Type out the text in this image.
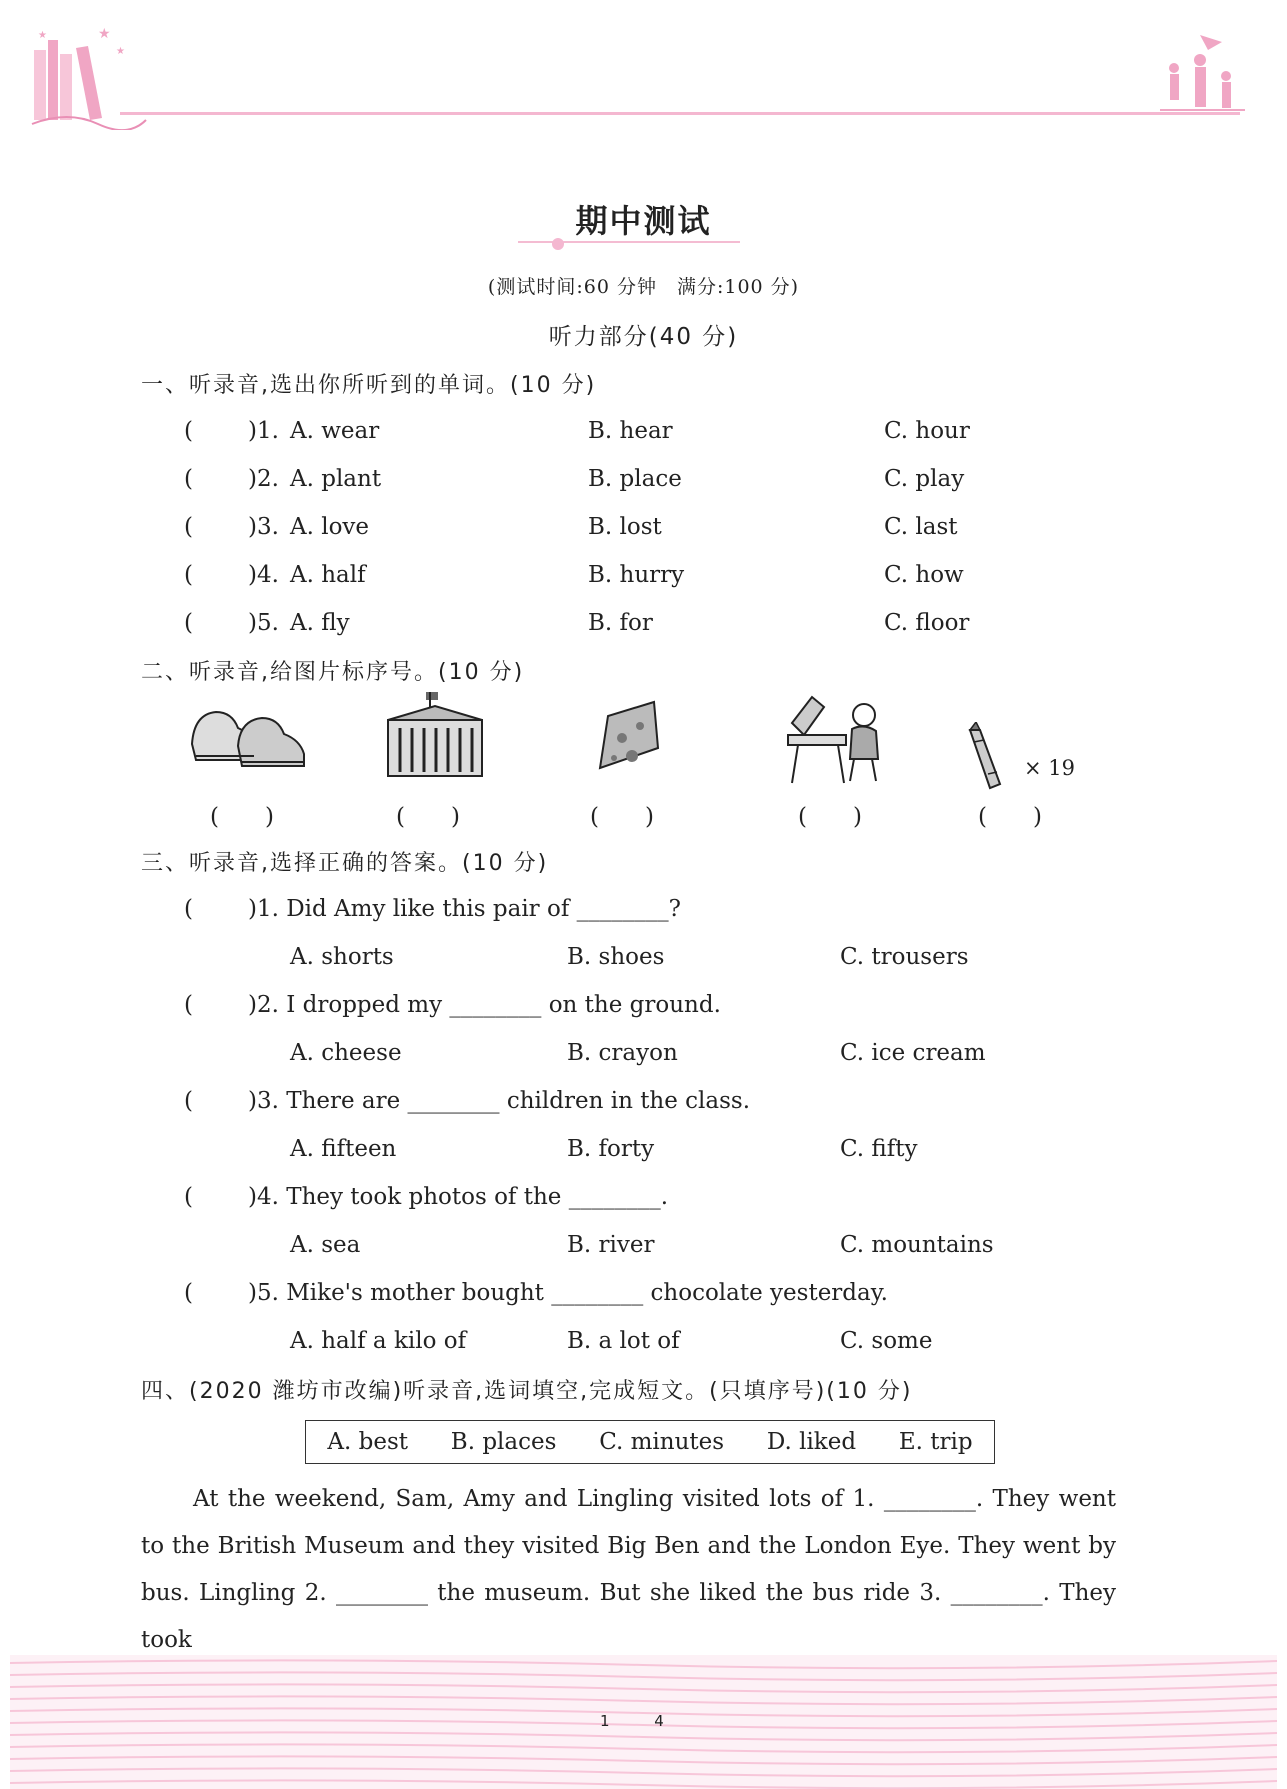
★
★
★
期中测试
(测试时间:60 分钟　满分:100 分)
听力部分(40 分)
一、听录音,选出你所听到的单词。(10 分)
( )1. A. wear	B. hear	C. hour
( )2. A. plant	B. place	C. play
( )3. A. love	B. lost	C. last
( )4. A. half	B. hurry	C. how
( )5. A. fly	B. for	C. floor
二、听录音,给图片标序号。(10 分)
× 19
(　　)	(　　)	(　　)	(　　)	(　　)
三、听录音,选择正确的答案。(10 分)
( )1. Did Amy like this pair of ________?
A. shorts	B. shoes	C. trousers
( )2. I dropped my ________ on the ground.
A. cheese	B. crayon	C. ice cream
( )3. There are ________ children in the class.
A. fifteen	B. forty	C. fifty
( )4. They took photos of the ________.
A. sea	B. river	C. mountains
( )5. Mike's mother bought ________ chocolate yesterday.
A. half a kilo of	B. a lot of	C. some
四、(2020 潍坊市改编)听录音,选词填空,完成短文。(只填序号)(10 分)
A. best B. places C. minutes D. liked E. trip

At the weekend, Sam, Amy and Lingling visited lots of 1. ________. They went to the British Museum and they visited Big Ben and the London Eye. They went by bus. Lingling 2. ________ the museum. But she liked the bus ride 3. ________. They took

1 4
